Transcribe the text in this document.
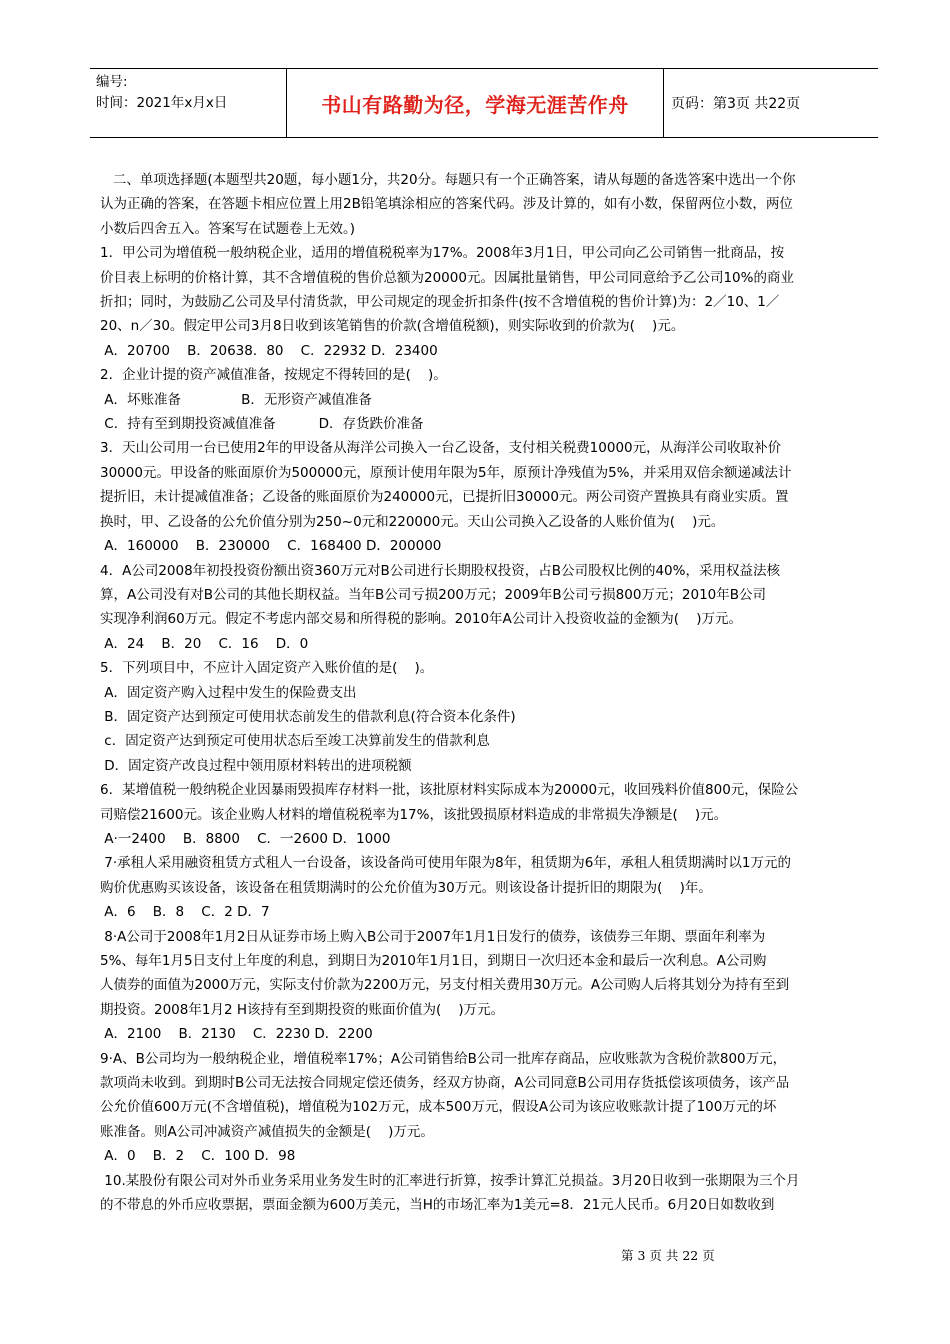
编号:
时间：2021年x月x日	书山有路勤为径，学海无涯苦作舟	页码：第3页 共22页

二、单项选择题(本题型共20题，每小题1分，共20分。每题只有一个正确答案，请从每题的备选答案中选出一个你

认为正确的答案，在答题卡相应位置上用2B铅笔填涂相应的答案代码。涉及计算的，如有小数，保留两位小数，两位

小数后四舍五入。答案写在试题卷上无效。)

1．甲公司为增值税一般纳税企业，适用的增值税税率为17%。2008年3月1日，甲公司向乙公司销售一批商品，按

价目表上标明的价格计算，其不含增值税的售价总额为20000元。因属批量销售，甲公司同意给予乙公司10%的商业

折扣；同时，为鼓励乙公司及早付清货款，甲公司规定的现金折扣条件(按不含增值税的售价计算)为：2／10、1／

20、n／30。假定甲公司3月8日收到该笔销售的价款(含增值税额)，则实际收到的价款为(    )元。

A．20700    B．20638．80    C．22932 D．23400

2．企业计提的资产减值准备，按规定不得转回的是(    )。

A．坏账准备              B．无形资产减值准备

C．持有至到期投资减值准备          D．存货跌价准备

3．天山公司用一台已使用2年的甲设备从海洋公司换入一台乙设备，支付相关税费10000元，从海洋公司收取补价

30000元。甲设备的账面原价为500000元，原预计使用年限为5年，原预计净残值为5%，并采用双倍余额递减法计

提折旧，未计提减值准备；乙设备的账面原价为240000元，已提折旧30000元。两公司资产置换具有商业实质。置

换时，甲、乙设备的公允价值分别为250~0元和220000元。天山公司换入乙设备的人账价值为(    )元。

A．160000    B．230000    C．168400 D．200000

4．A公司2008年初投投资份额出资360万元对B公司进行长期股权投资，占B公司股权比例的40%，采用权益法核

算，A公司没有对B公司的其他长期权益。当年B公司亏损200万元；2009年B公司亏损800万元；2010年B公司

实现净利润60万元。假定不考虑内部交易和所得税的影响。2010年A公司计入投资收益的金额为(    )万元。

A．24    B．20    C．16    D．0

5．下列项目中，不应计入固定资产入账价值的是(    )。

A．固定资产购入过程中发生的保险费支出

B．固定资产达到预定可使用状态前发生的借款利息(符合资本化条件)

c．固定资产达到预定可使用状态后至竣工决算前发生的借款利息

D．固定资产改良过程中领用原材料转出的进项税额

6．某增值税一般纳税企业因暴雨毁损库存材料一批，该批原材料实际成本为20000元，收回残料价值800元，保险公

司赔偿21600元。该企业购人材料的增值税税率为17%，该批毁损原材料造成的非常损失净额是(    )元。

A·一2400    B．8800    C．一2600 D．1000

7·承租人采用融资租赁方式租人一台设备，该设备尚可使用年限为8年，租赁期为6年，承租人租赁期满时以1万元的

购价优惠购买该设备，该设备在租赁期满时的公允价值为30万元。则该设备计提折旧的期限为(    )年。

A．6    B．8    C．2 D．7

8·A公司于2008年1月2日从证券市场上购入B公司于2007年1月1日发行的债券，该债券三年期、票面年利率为

5%、每年1月5日支付上年度的利息，到期日为2010年1月1日，到期日一次归还本金和最后一次利息。A公司购

人债券的面值为2000万元，实际支付价款为2200万元，另支付相关费用30万元。A公司购人后将其划分为持有至到

期投资。2008年1月2 H该持有至到期投资的账面价值为(    )万元。

A．2100    B．2130    C．2230 D．2200

9·A、B公司均为一般纳税企业，增值税率17%；A公司销售给B公司一批库存商品，应收账款为含税价款800万元，

款项尚未收到。到期时B公司无法按合同规定偿还债务，经双方协商，A公司同意B公司用存货抵偿该项债务，该产品

公允价值600万元(不含增值税)，增值税为102万元，成本500万元，假设A公司为该应收账款计提了100万元的坏

账准备。则A公司冲减资产减值损失的金额是(    )万元。

A．0    B．2    C．100 D．98

10.某股份有限公司对外币业务采用业务发生时的汇率进行折算，按季计算汇兑损益。3月20日收到一张期限为三个月

的不带息的外币应收票据，票面金额为600万美元，当H的市场汇率为1美元=8．21元人民币。6月20日如数收到

第 3 页 共 22 页
